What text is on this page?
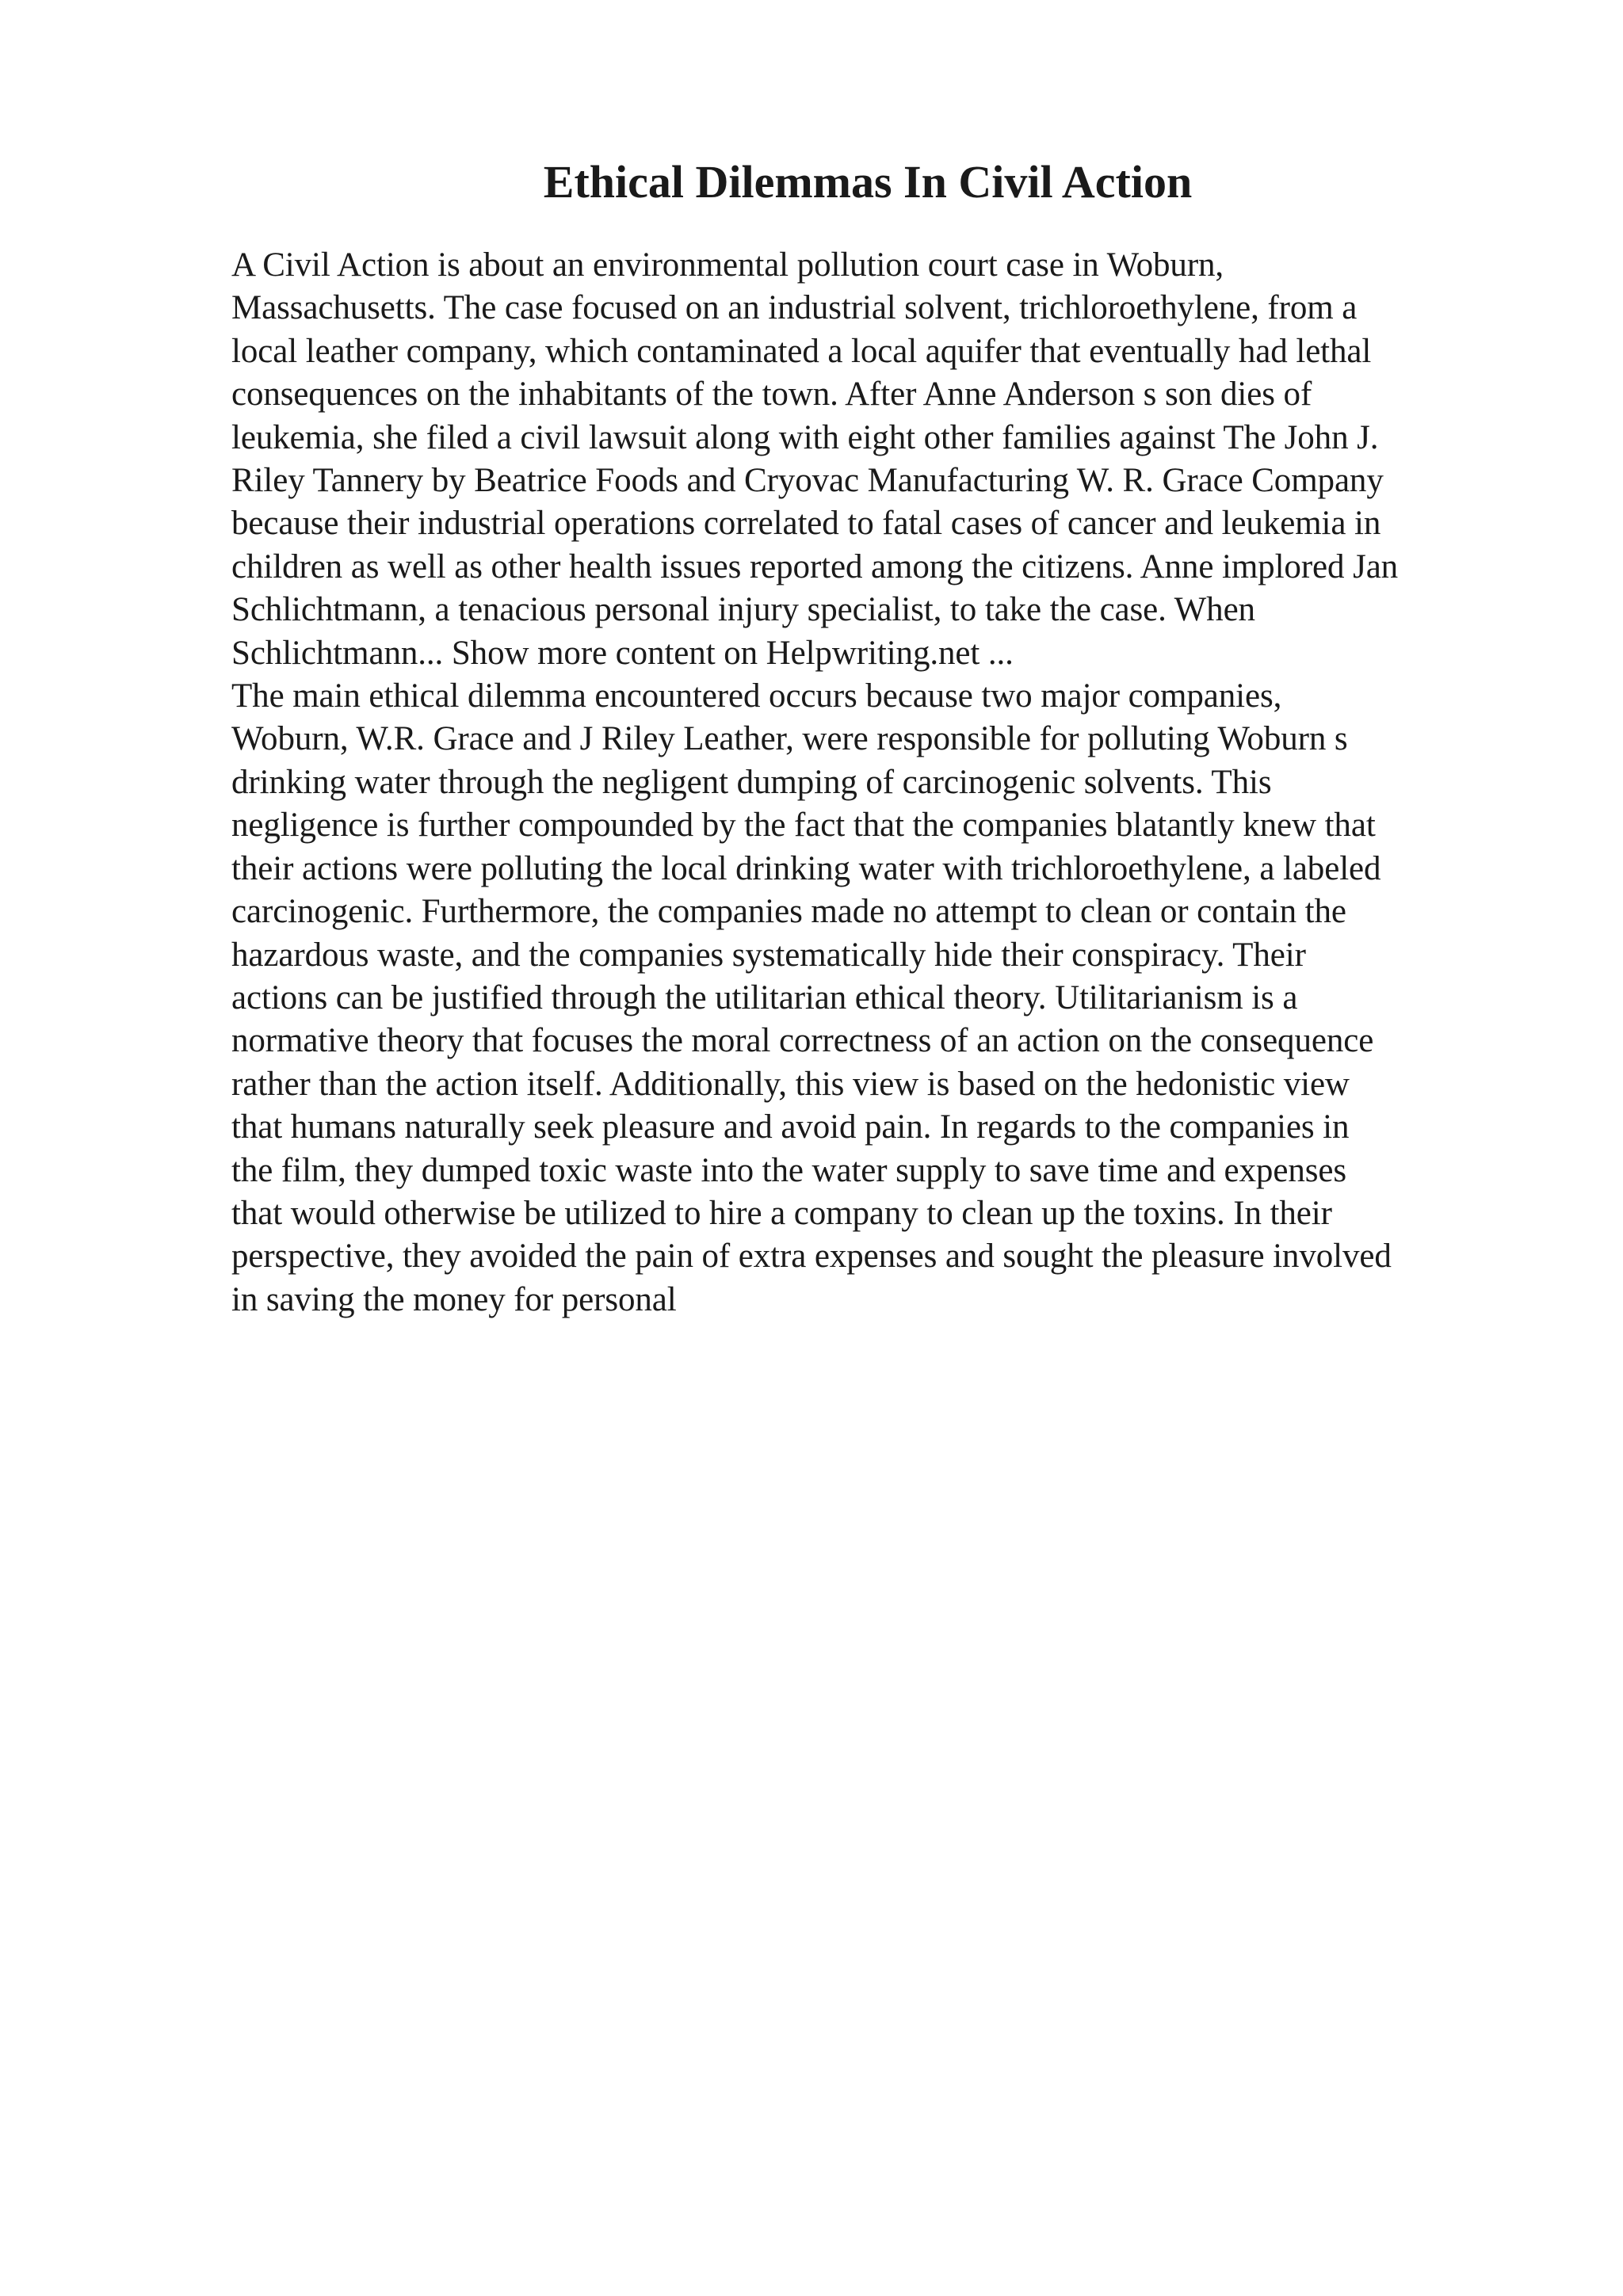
Ethical Dilemmas In Civil Action
A Civil Action is about an environmental pollution court case in Woburn,
Massachusetts. The case focused on an industrial solvent, trichloroethylene, from a
local leather company, which contaminated a local aquifer that eventually had lethal
consequences on the inhabitants of the town. After Anne Anderson s son dies of
leukemia, she filed a civil lawsuit along with eight other families against The John J.
Riley Tannery by Beatrice Foods and Cryovac Manufacturing W. R. Grace Company
because their industrial operations correlated to fatal cases of cancer and leukemia in
children as well as other health issues reported among the citizens. Anne implored Jan
Schlichtmann, a tenacious personal injury specialist, to take the case. When
Schlichtmann... Show more content on Helpwriting.net ...
The main ethical dilemma encountered occurs because two major companies,
Woburn, W.R. Grace and J Riley Leather, were responsible for polluting Woburn s
drinking water through the negligent dumping of carcinogenic solvents. This
negligence is further compounded by the fact that the companies blatantly knew that
their actions were polluting the local drinking water with trichloroethylene, a labeled
carcinogenic. Furthermore, the companies made no attempt to clean or contain the
hazardous waste, and the companies systematically hide their conspiracy. Their
actions can be justified through the utilitarian ethical theory. Utilitarianism is a
normative theory that focuses the moral correctness of an action on the consequence
rather than the action itself. Additionally, this view is based on the hedonistic view
that humans naturally seek pleasure and avoid pain. In regards to the companies in
the film, they dumped toxic waste into the water supply to save time and expenses
that would otherwise be utilized to hire a company to clean up the toxins. In their
perspective, they avoided the pain of extra expenses and sought the pleasure involved
in saving the money for personal
